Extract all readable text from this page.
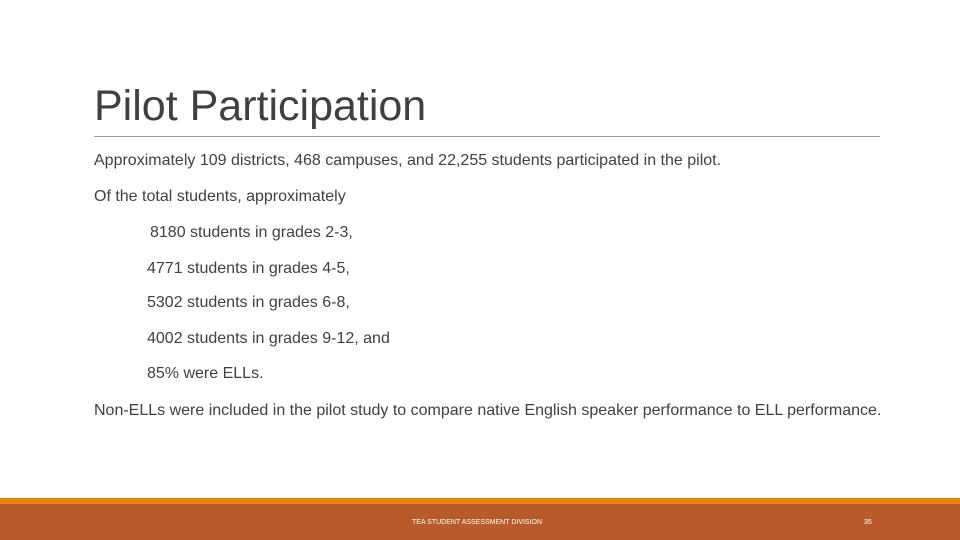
Pilot Participation
Approximately 109 districts, 468 campuses, and 22,255 students participated in the pilot.
Of the total students, approximately
8180 students in grades 2-3,
4771 students in grades 4-5,
5302 students in grades 6-8,
4002 students in grades 9-12, and
85% were ELLs.
Non-ELLs were included in the pilot study to compare native English speaker performance to ELL performance.
TEA STUDENT ASSESSMENT DIVISION	35
